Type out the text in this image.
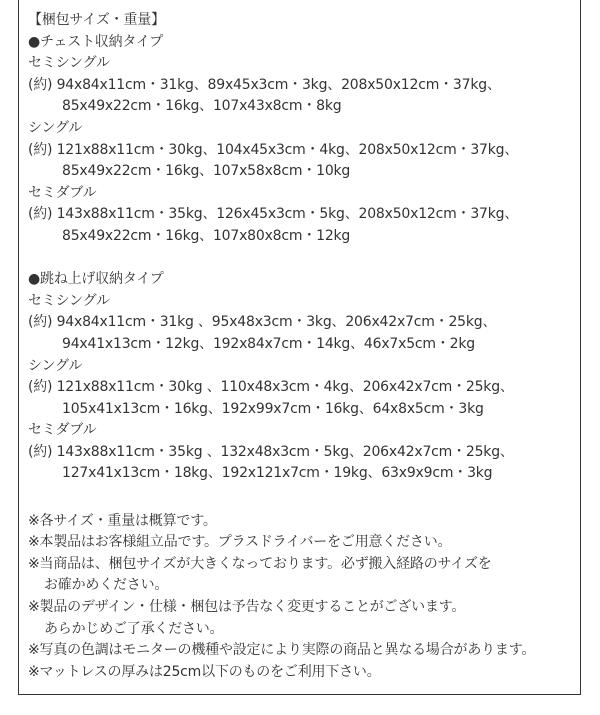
【梱包サイズ・重量】
●チェスト収納タイプ
セミシングル
(約) 94x84x11cm・31kg、89x45x3cm・3kg、208x50x12cm・37kg、
85x49x22cm・16kg、107x43x8cm・8kg
シングル
(約) 121x88x11cm・30kg、104x45x3cm・4kg、208x50x12cm・37kg、
85x49x22cm・16kg、107x58x8cm・10kg
セミダブル
(約) 143x88x11cm・35kg、126x45x3cm・5kg、208x50x12cm・37kg、
85x49x22cm・16kg、107x80x8cm・12kg
●跳ね上げ収納タイプ
セミシングル
(約) 94x84x11cm・31kg 、95x48x3cm・3kg、206x42x7cm・25kg、
94x41x13cm・12kg、192x84x7cm・14kg、46x7x5cm・2kg
シングル
(約) 121x88x11cm・30kg 、110x48x3cm・4kg、206x42x7cm・25kg、
105x41x13cm・16kg、192x99x7cm・16kg、64x8x5cm・3kg
セミダブル
(約) 143x88x11cm・35kg 、132x48x3cm・5kg、206x42x7cm・25kg、
127x41x13cm・18kg、192x121x7cm・19kg、63x9x9cm・3kg
※各サイズ・重量は概算です。
※本製品はお客様組立品です。プラスドライバーをご用意ください。
※当商品は、梱包サイズが大きくなっております。必ず搬入経路のサイズを
お確かめください。
※製品のデザイン・仕様・梱包は予告なく変更することがございます。
あらかじめご了承ください。
※写真の色調はモニターの機種や設定により実際の商品と異なる場合があります。
※マットレスの厚みは25cm以下のものをご利用下さい。
